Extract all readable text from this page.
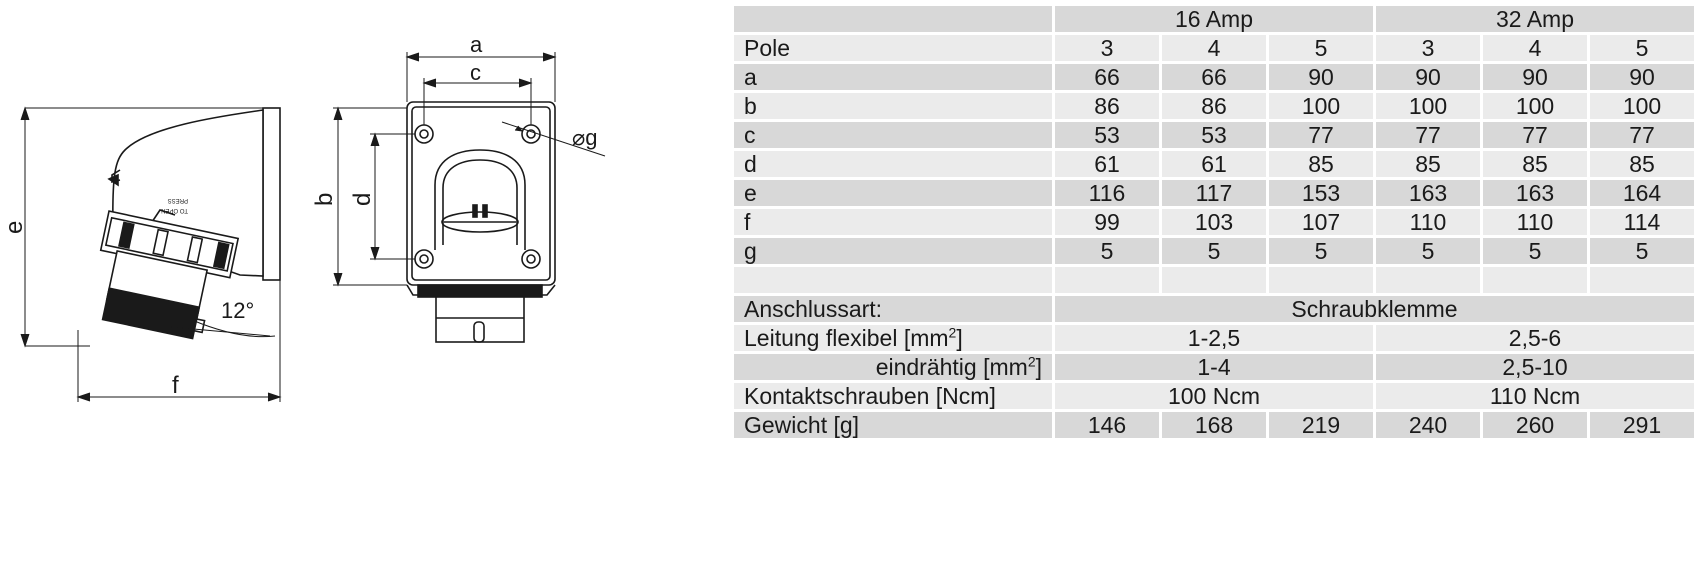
TO OPEN
PRESS
e
f
12°
a
c
b d
⌀g
	16 Amp			32 Amp		
Pole	3	4	5	3	4	5
a	66	66	90	90	90	90
b	86	86	100	100	100	100
c	53	53	77	77	77	77
d	61	61	85	85	85	85
e	116	117	153	163	163	164
f	99	103	107	110	110	114
g	5	5	5	5	5	5

Anschlussart:	Schraubklemme					
Leitung flexibel $[mm^2]$	1-2,5			2,5-6		
eindrähtig $[mm^2]$	1-4			2,5-10		
Kontaktschrauben [Ncm]	100 Ncm			110 Ncm		
Gewicht [g]	146	168	219	240	260	291
